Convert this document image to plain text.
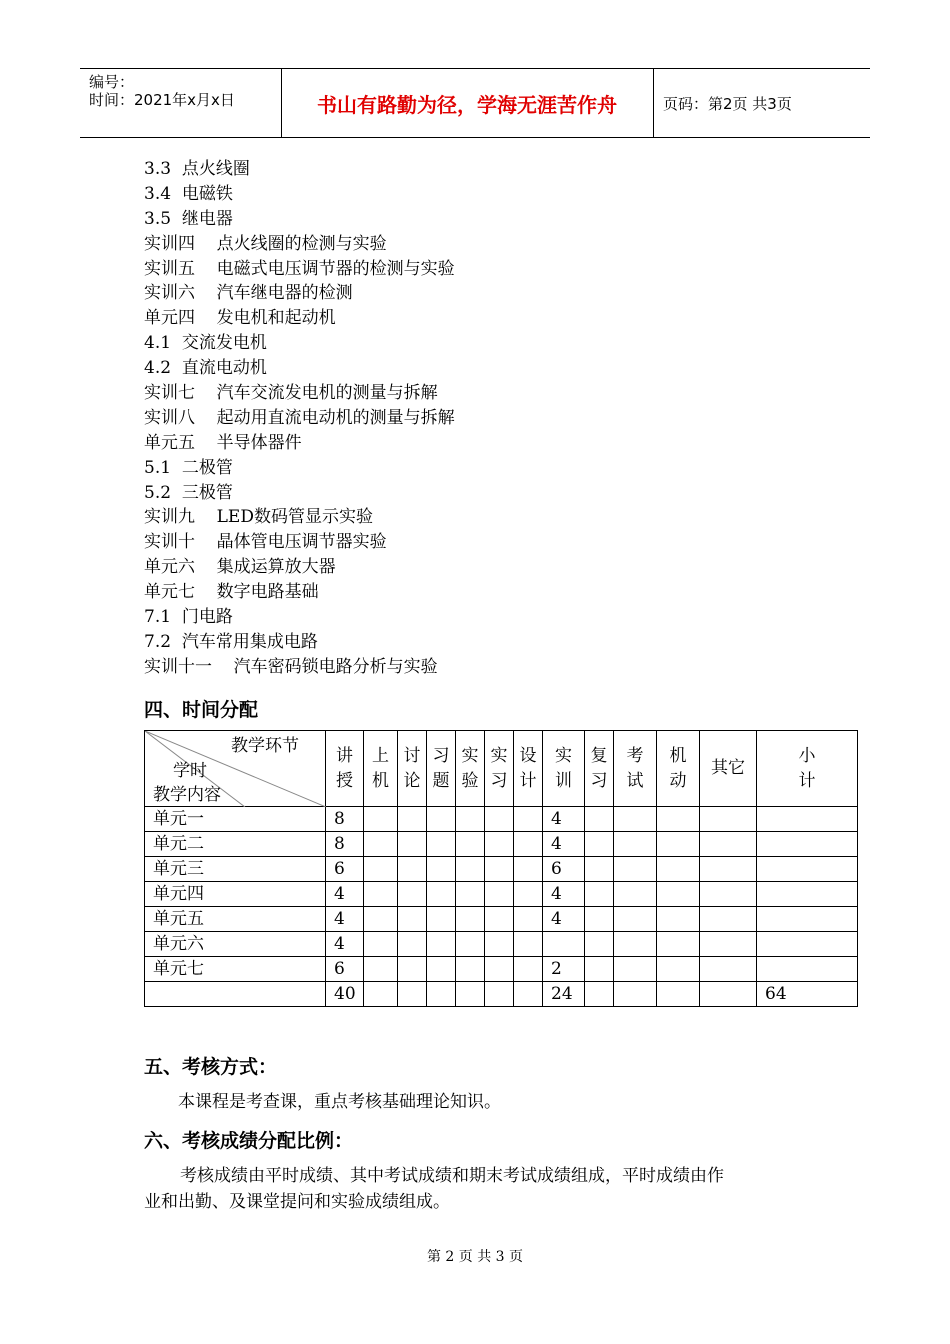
编号：
时间：2021年x月x日	书山有路勤为径，学海无涯苦作舟	页码：第2页 共3页
3.3  点火线圈
3.4  电磁铁
3.5  继电器
实训四    点火线圈的检测与实验
实训五    电磁式电压调节器的检测与实验
实训六    汽车继电器的检测
单元四    发电机和起动机
4.1  交流发电机
4.2  直流电动机
实训七    汽车交流发电机的测量与拆解
实训八    起动用直流电动机的测量与拆解
单元五    半导体器件
5.1  二极管
5.2  三极管
实训九    LED数码管显示实验
实训十    晶体管电压调节器实验
单元六    集成运算放大器
单元七    数字电路基础
7.1  门电路
7.2  汽车常用集成电路
实训十一    汽车密码锁电路分析与实验
四、时间分配
教学环节
学时
教学内容	讲授	上机	讨论	习题	实验	实习	设计	实训	复习	考试	机动	其它	小计

单元一	8							4					
单元二	8							4					
单元三	6							6					
单元四	4							4					
单元五	4							4					
单元六	4												
单元七	6							2					
	40							24					64
五、考核方式：
本课程是考查课，重点考核基础理论知识。
六、考核成绩分配比例：
考核成绩由平时成绩、其中考试成绩和期末考试成绩组成，平时成绩由作
业和出勤、及课堂提问和实验成绩组成。
第 2 页 共 3 页
